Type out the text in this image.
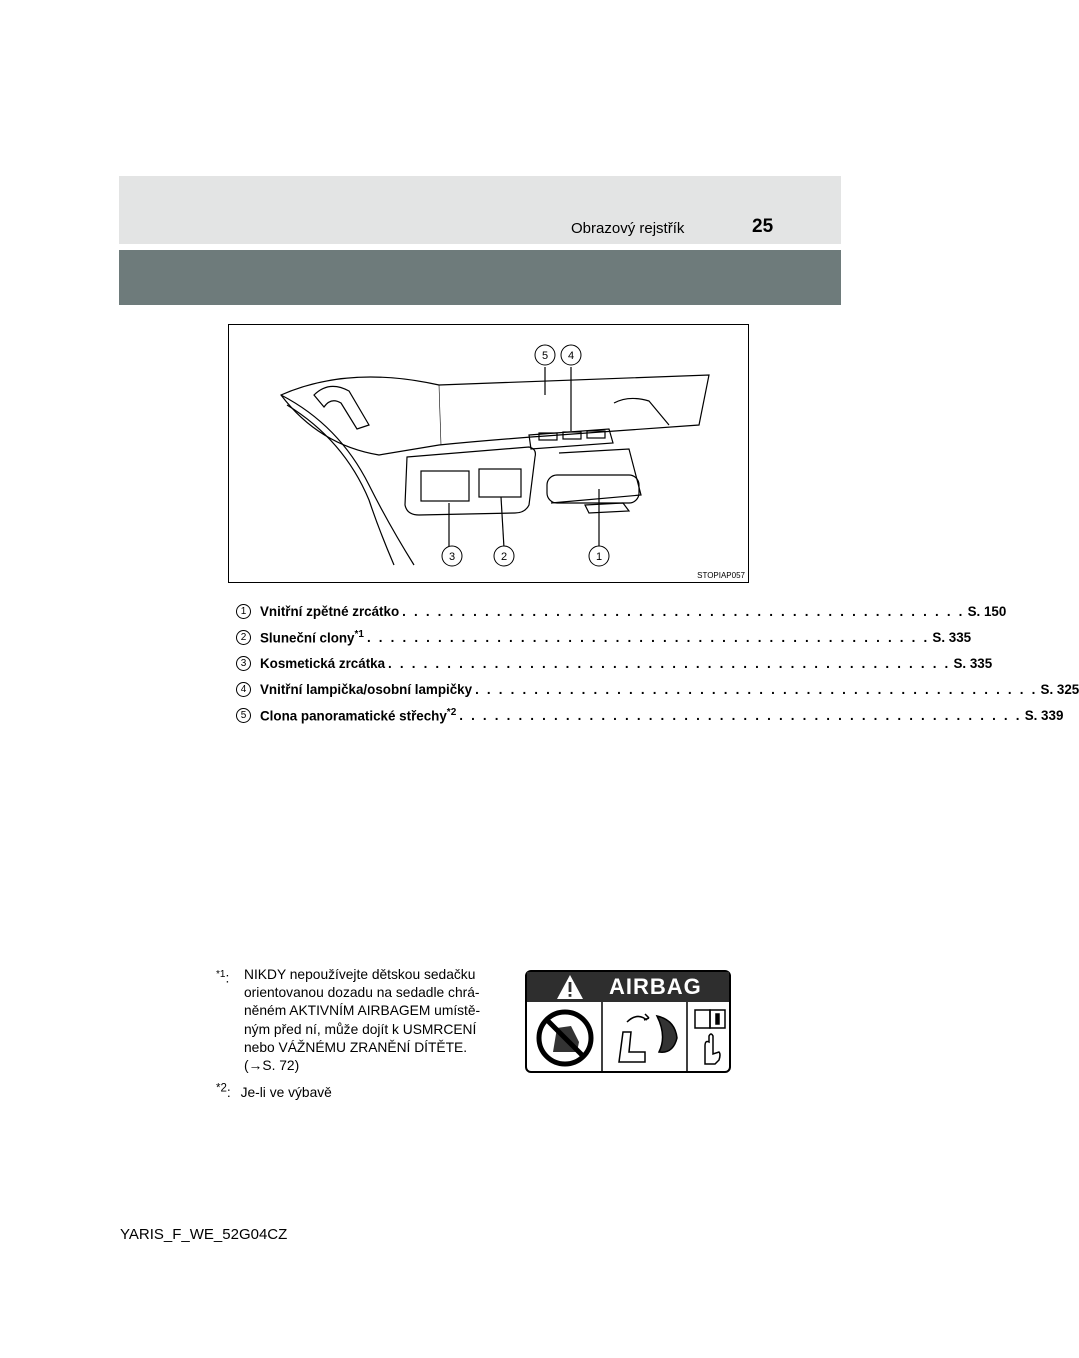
Obrazový rejstřík	25
5 4
3	2	1
STOPIAP057
1	Vnitřní zpětné zrcátko . . . . . . . . . . . . . . . . . . . . . . . . . . . . . . . . . . . . . . . . . . . . . . . . S. 150
2	Sluneční clony$^{*1}$ . . . . . . . . . . . . . . . . . . . . . . . . . . . . . . . . . . . . . . . . . . . . . . . . S. 335
3	Kosmetická zrcátka . . . . . . . . . . . . . . . . . . . . . . . . . . . . . . . . . . . . . . . . . . . . . . . . S. 335
4	Vnitřní lampička/osobní lampičky . . . . . . . . . . . . . . . . . . . . . . . . . . . . . . . . . . . . . . . . . . . . . . . . S. 325
5	Clona panoramatické střechy$^{*2}$ . . . . . . . . . . . . . . . . . . . . . . . . . . . . . . . . . . . . . . . . . . . . . . . . S. 339
$^{*1}$: NIKDY nepoužívejte dětskou sedačku
orientovanou dozadu na sedadle chrá-
něném AKTIVNÍM AIRBAGEM umístě-
ným před ní, může dojít k USMRCENÍ
nebo VÁŽNÉMU ZRANĚNÍ DÍTĚTE.
(→S. 72)
$^{*2}$: Je-li ve výbavě
AIRBAG
YARIS_F_WE_52G04CZ
